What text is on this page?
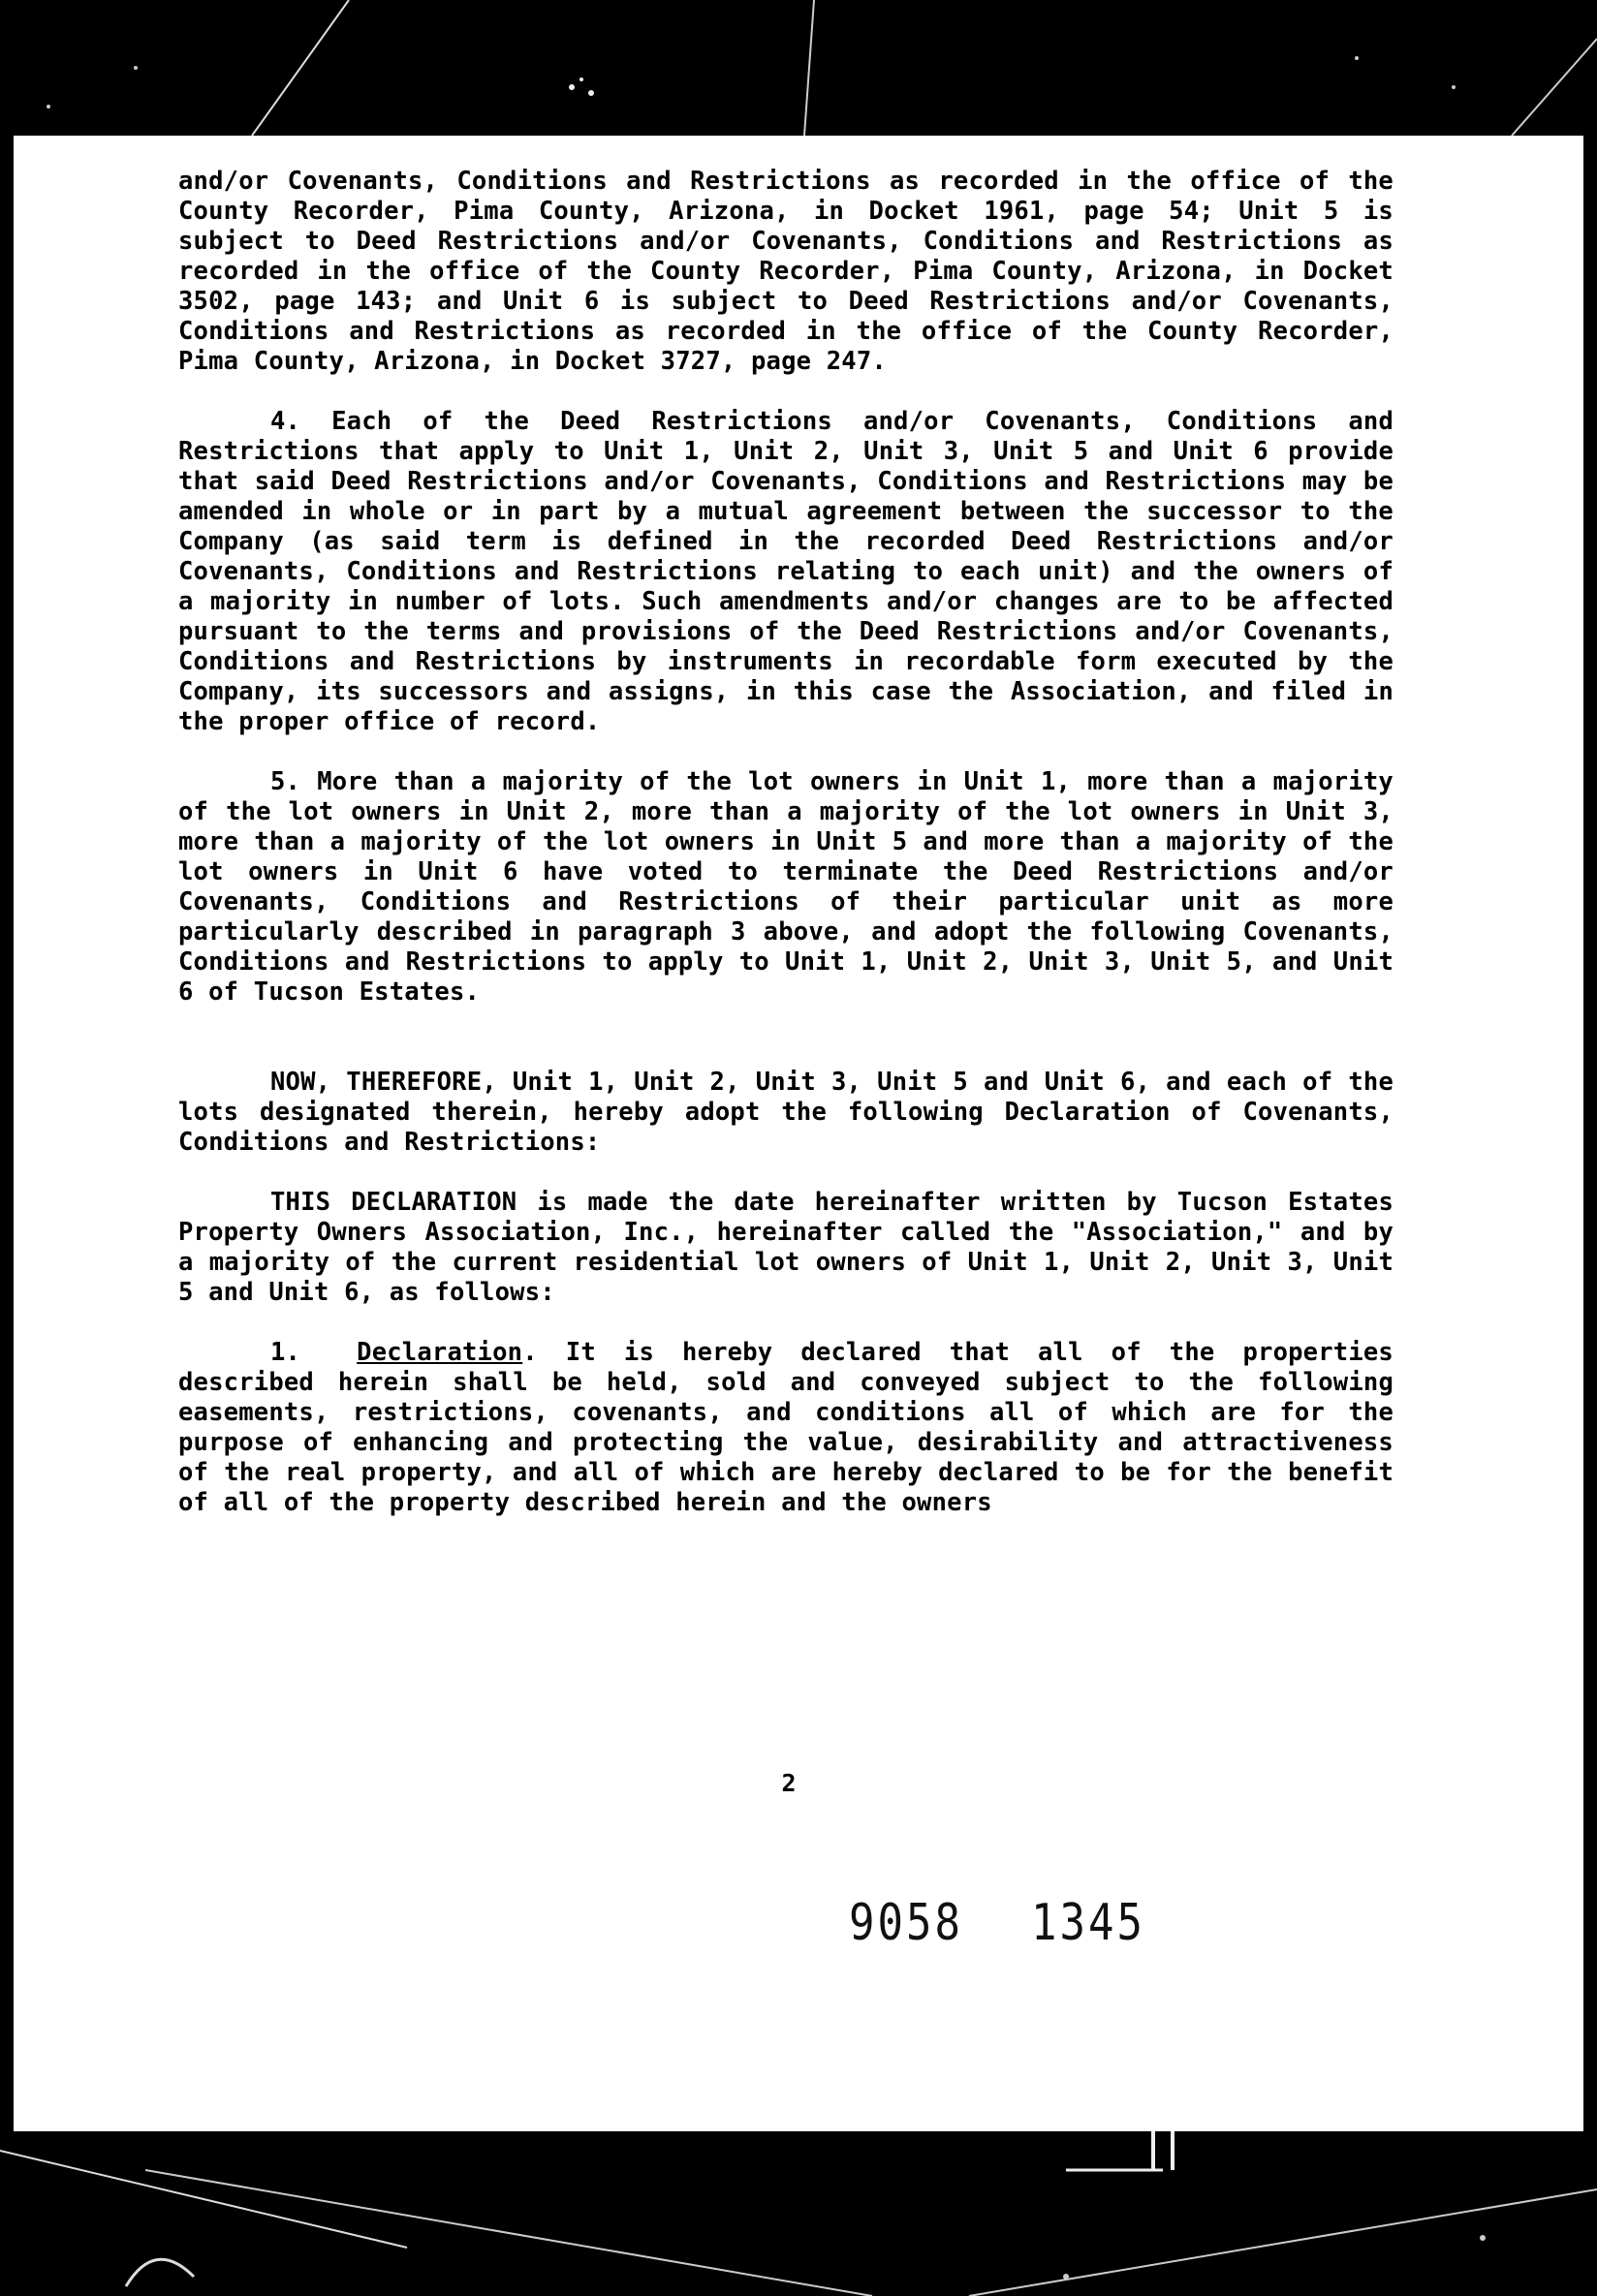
and/or Covenants, Conditions and Restrictions as recorded in the office of the County Recorder, Pima County, Arizona, in Docket 1961, page 54; Unit 5 is subject to Deed Restrictions and/or Covenants, Conditions and Restrictions as recorded in the office of the County Recorder, Pima County, Arizona, in Docket 3502, page 143; and Unit 6 is subject to Deed Restrictions and/or Covenants, Conditions and Restrictions as recorded in the office of the County Recorder, Pima County, Arizona, in Docket 3727, page 247.

4. Each of the Deed Restrictions and/or Covenants, Conditions and Restrictions that apply to Unit 1, Unit 2, Unit 3, Unit 5 and Unit 6 provide that said Deed Restrictions and/or Covenants, Conditions and Restrictions may be amended in whole or in part by a mutual agreement between the successor to the Company (as said term is defined in the recorded Deed Restrictions and/or Covenants, Conditions and Restrictions relating to each unit) and the owners of a majority in number of lots. Such amendments and/or changes are to be affected pursuant to the terms and provisions of the Deed Restrictions and/or Covenants, Conditions and Restrictions by instruments in recordable form executed by the Company, its successors and assigns, in this case the Association, and filed in the proper office of record.

5. More than a majority of the lot owners in Unit 1, more than a majority of the lot owners in Unit 2, more than a majority of the lot owners in Unit 3, more than a majority of the lot owners in Unit 5 and more than a majority of the lot owners in Unit 6 have voted to terminate the Deed Restrictions and/or Covenants, Conditions and Restrictions of their particular unit as more particularly described in paragraph 3 above, and adopt the following Covenants, Conditions and Restrictions to apply to Unit 1, Unit 2, Unit 3, Unit 5, and Unit 6 of Tucson Estates.

NOW, THEREFORE, Unit 1, Unit 2, Unit 3, Unit 5 and Unit 6, and each of the lots designated therein, hereby adopt the following Declaration of Covenants, Conditions and Restrictions:

THIS DECLARATION is made the date hereinafter written by Tucson Estates Property Owners Association, Inc., hereinafter called the "Association," and by a majority of the current residential lot owners of Unit 1, Unit 2, Unit 3, Unit 5 and Unit 6, as follows:

1. Declaration. It is hereby declared that all of the properties described herein shall be held, sold and conveyed subject to the following easements, restrictions, covenants, and conditions all of which are for the purpose of enhancing and protecting the value, desirability and attractiveness of the real property, and all of which are hereby declared to be for the benefit of all of the property described herein and the owners

2
9058 1345
